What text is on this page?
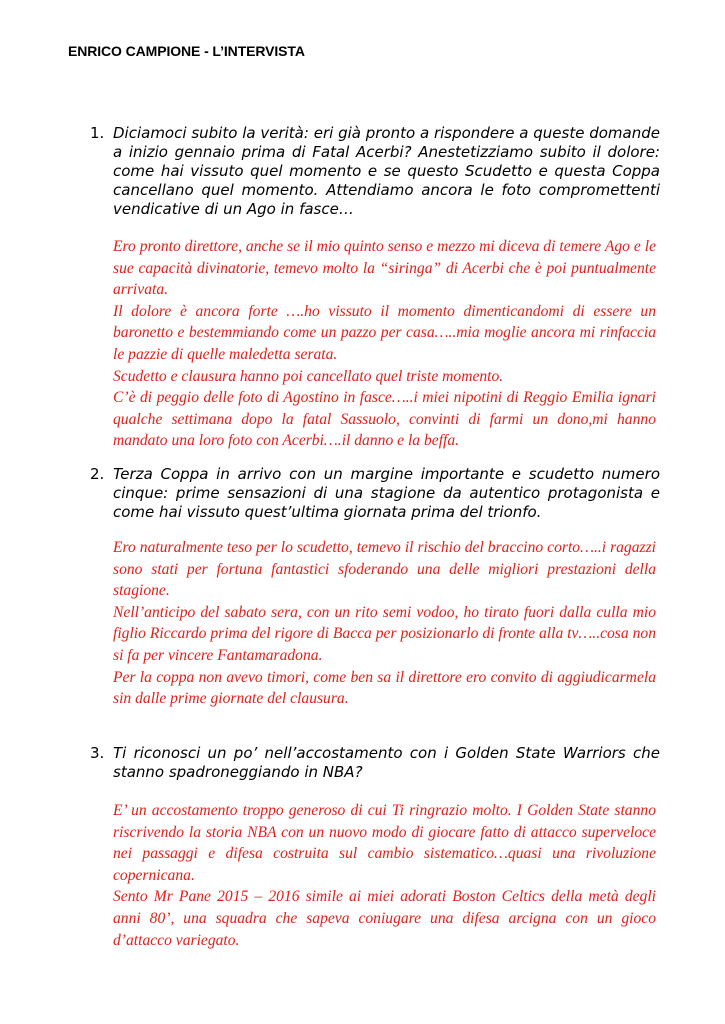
ENRICO CAMPIONE - L’INTERVISTA
1. Diciamoci subito la verità: eri già pronto a rispondere a queste domande a inizio gennaio prima di Fatal Acerbi? Anestetizziamo subito il dolore: come hai vissuto quel momento e se questo Scudetto e questa Coppa cancellano quel momento. Attendiamo ancora le foto compromettenti vendicative di un Ago in fasce…

Ero pronto direttore, anche se il mio quinto senso e mezzo mi diceva di temere Ago e le sue capacità divinatorie, temevo molto la “siringa” di Acerbi che è poi puntualmente arrivata.

Il dolore è ancora forte ….ho vissuto il momento dimenticandomi di essere un baronetto e bestemmiando come un pazzo per casa…..mia moglie ancora mi rinfaccia le pazzie di quelle maledetta serata.

Scudetto e clausura hanno poi cancellato quel triste momento.

C’è di peggio delle foto di Agostino in fasce…..i miei nipotini di Reggio Emilia ignari qualche settimana dopo la fatal Sassuolo, convinti di farmi un dono,mi hanno mandato una loro foto con Acerbi….il danno e la beffa.

2. Terza Coppa in arrivo con un margine importante e scudetto numero cinque: prime sensazioni di una stagione da autentico protagonista e come hai vissuto quest’ultima giornata prima del trionfo.

Ero naturalmente teso per lo scudetto, temevo il rischio del braccino corto…..i ragazzi sono stati per fortuna fantastici sfoderando una delle migliori prestazioni della stagione.

Nell’anticipo del sabato sera, con un rito semi vodoo, ho tirato fuori dalla culla mio figlio Riccardo prima del rigore di Bacca per posizionarlo di fronte alla tv…..cosa non si fa per vincere Fantamaradona.

Per la coppa non avevo timori, come ben sa il direttore ero convito di aggiudicarmela sin dalle prime giornate del clausura.

3. Ti riconosci un po’ nell’accostamento con i Golden State Warriors che stanno spadroneggiando in NBA?

E’ un accostamento troppo generoso di cui Ti ringrazio molto. I Golden State stanno riscrivendo la storia NBA con un nuovo modo di giocare fatto di attacco superveloce nei passaggi e difesa costruita sul cambio sistematico…quasi una rivoluzione copernicana.

Sento Mr Pane 2015 – 2016 simile ai miei adorati Boston Celtics della metà degli anni 80’, una squadra che sapeva coniugare una difesa arcigna con un gioco d’attacco variegato.
